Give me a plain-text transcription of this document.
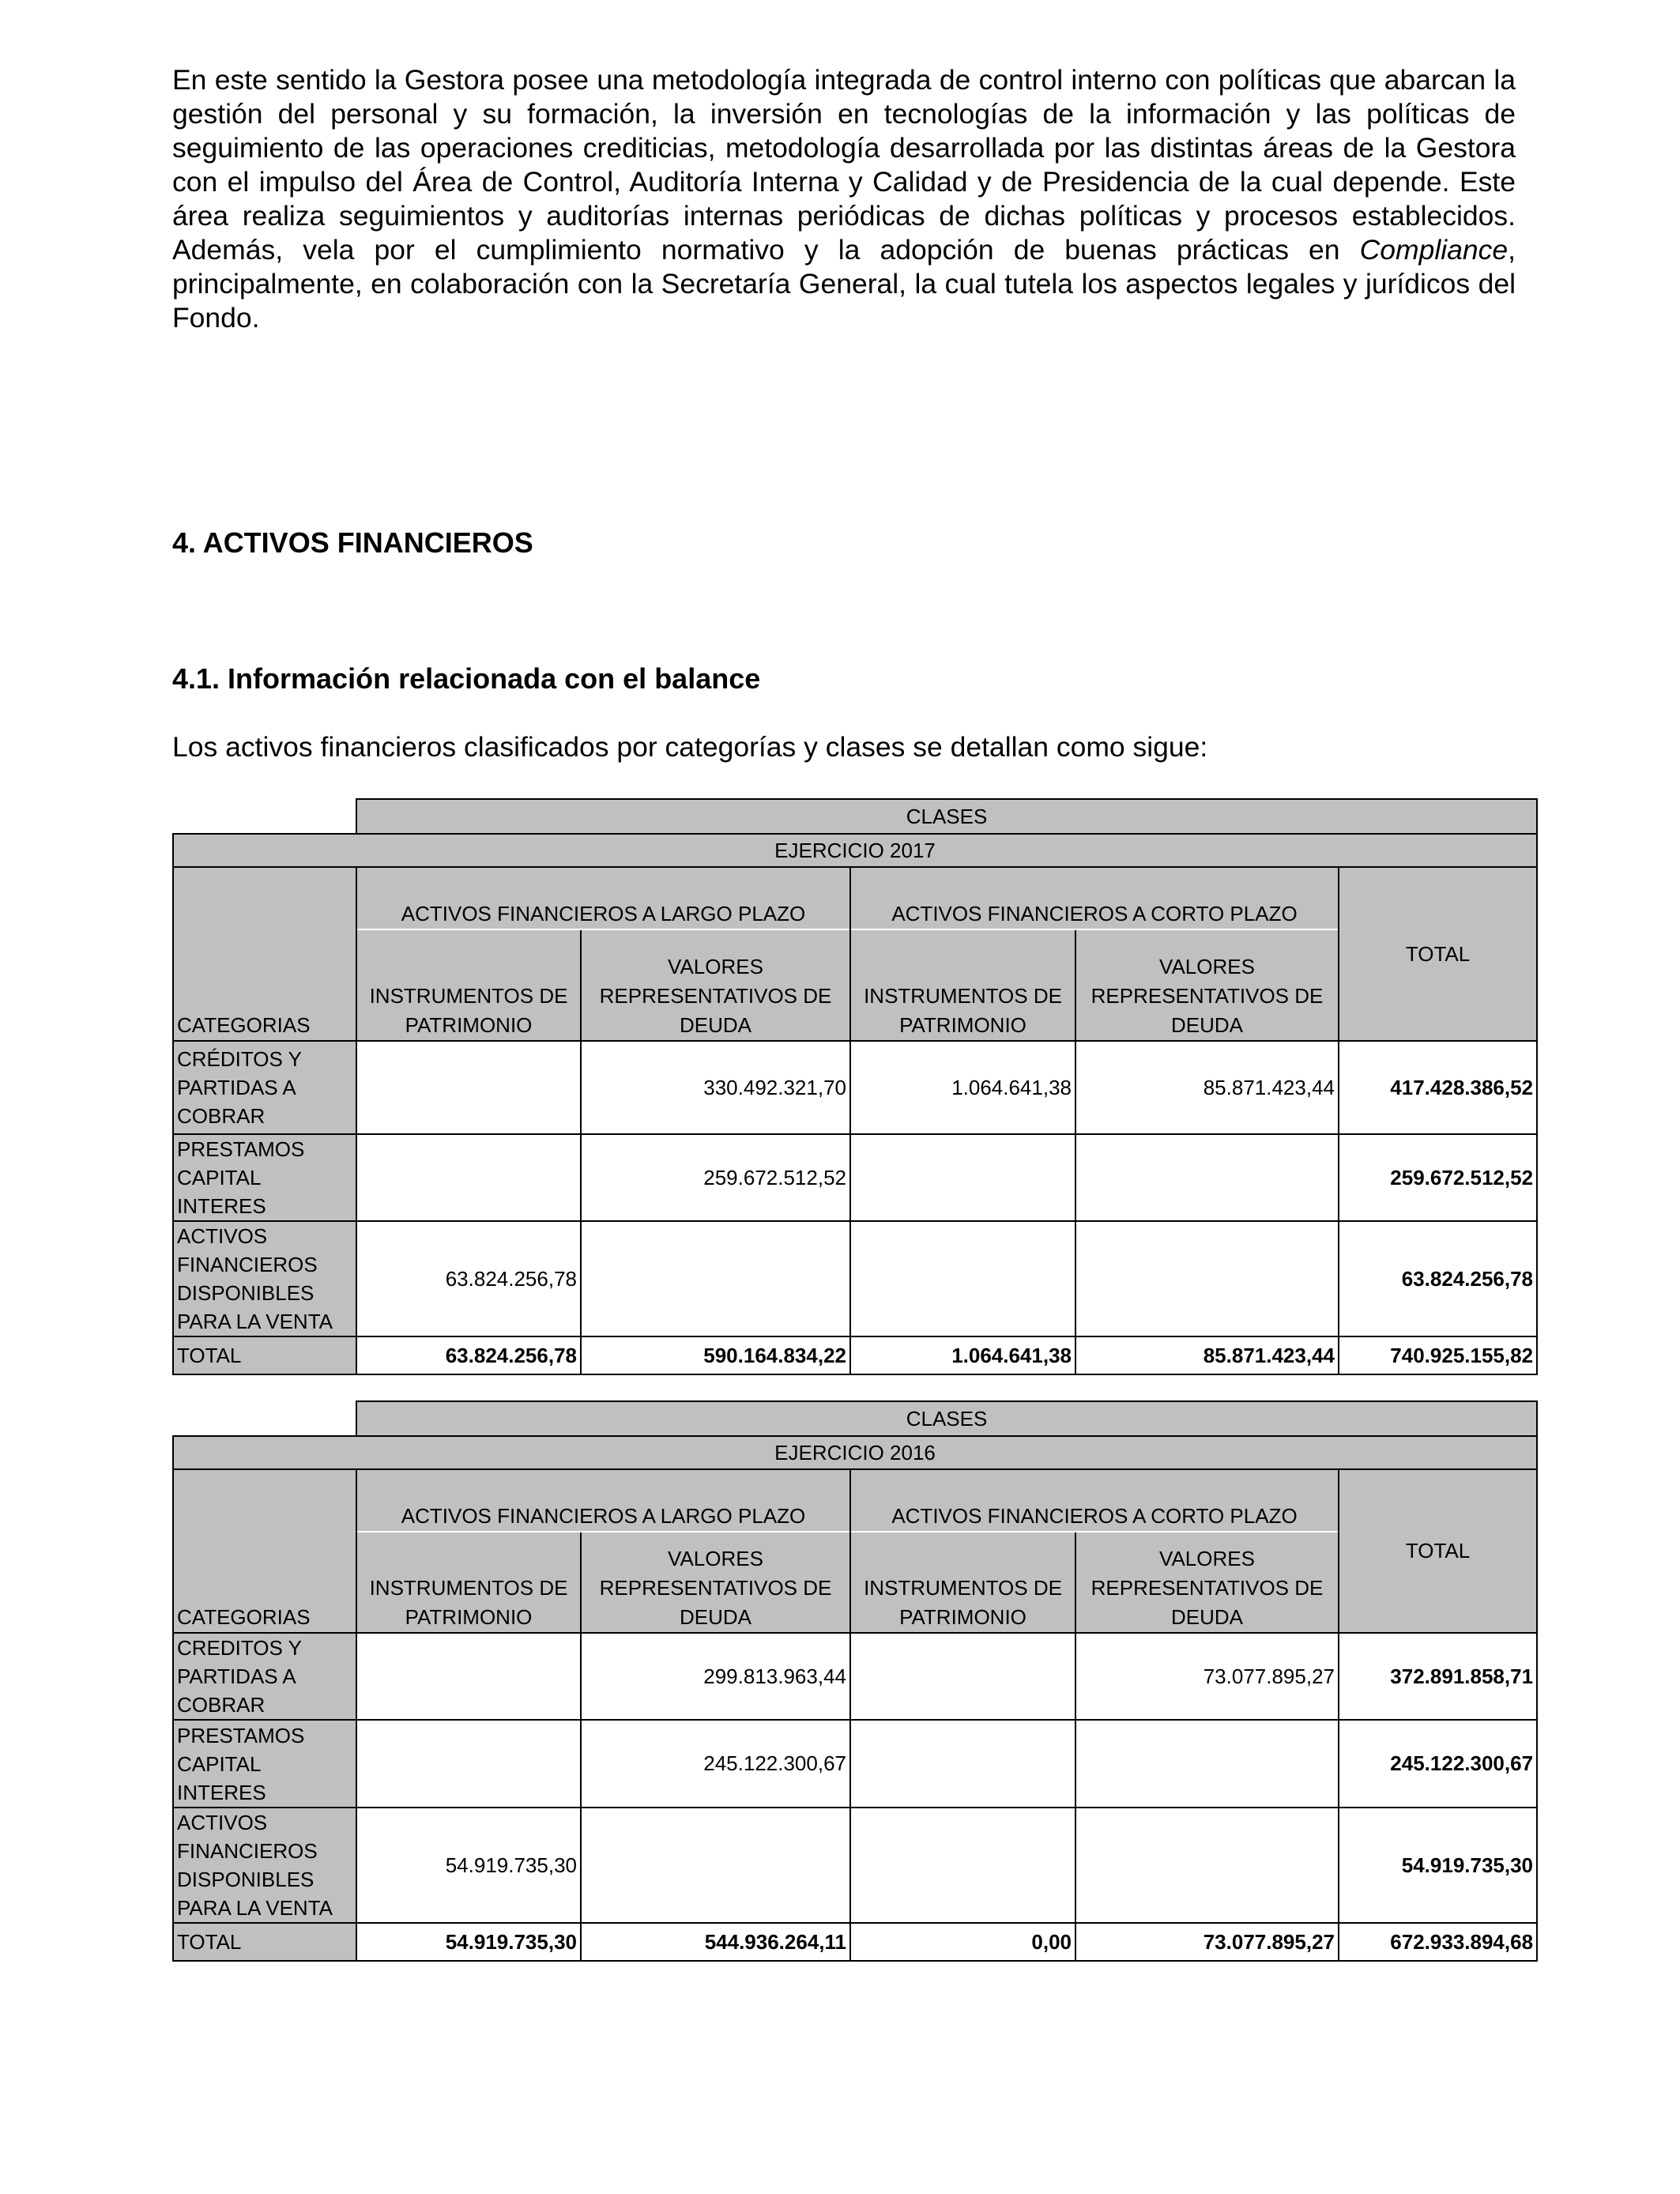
En este sentido la Gestora posee una metodología integrada de control interno con políticas que abarcan la gestión del personal y su formación, la inversión en tecnologías de la información y las políticas de seguimiento de las operaciones crediticias, metodología desarrollada por las distintas áreas de la Gestora con el impulso del Área de Control, Auditoría Interna y Calidad y de Presidencia de la cual depende. Este área realiza seguimientos y auditorías internas periódicas de dichas políticas y procesos establecidos. Además, vela por el cumplimiento normativo y la adopción de buenas prácticas en Compliance, principalmente, en colaboración con la Secretaría General, la cual tutela los aspectos legales y jurídicos del Fondo.

4. ACTIVOS FINANCIEROS
4.1. Información relacionada con el balance

Los activos financieros clasificados por categorías y clases se detallan como sigue:

	CLASES				
EJERCICIO 2017					
CATEGORIAS	ACTIVOS FINANCIEROS A LARGO PLAZO		ACTIVOS FINANCIEROS A CORTO PLAZO		TOTAL
	INSTRUMENTOS DE PATRIMONIO	VALORES REPRESENTATIVOS DE DEUDA	INSTRUMENTOS DE PATRIMONIO	VALORES REPRESENTATIVOS DE DEUDA	
CRÉDITOS Y PARTIDAS A COBRAR		330.492.321,70	1.064.641,38	85.871.423,44	417.428.386,52
PRESTAMOS CAPITAL INTERES		259.672.512,52			259.672.512,52
ACTIVOS FINANCIEROS DISPONIBLES PARA LA VENTA	63.824.256,78				63.824.256,78
TOTAL	63.824.256,78	590.164.834,22	1.064.641,38	85.871.423,44	740.925.155,82
	CLASES				
EJERCICIO 2016					
CATEGORIAS	ACTIVOS FINANCIEROS A LARGO PLAZO		ACTIVOS FINANCIEROS A CORTO PLAZO		TOTAL
	INSTRUMENTOS DE PATRIMONIO	VALORES REPRESENTATIVOS DE DEUDA	INSTRUMENTOS DE PATRIMONIO	VALORES REPRESENTATIVOS DE DEUDA	
CREDITOS Y PARTIDAS A COBRAR		299.813.963,44		73.077.895,27	372.891.858,71
PRESTAMOS CAPITAL INTERES		245.122.300,67			245.122.300,67
ACTIVOS FINANCIEROS DISPONIBLES PARA LA VENTA	54.919.735,30				54.919.735,30
TOTAL	54.919.735,30	544.936.264,11	0,00	73.077.895,27	672.933.894,68
